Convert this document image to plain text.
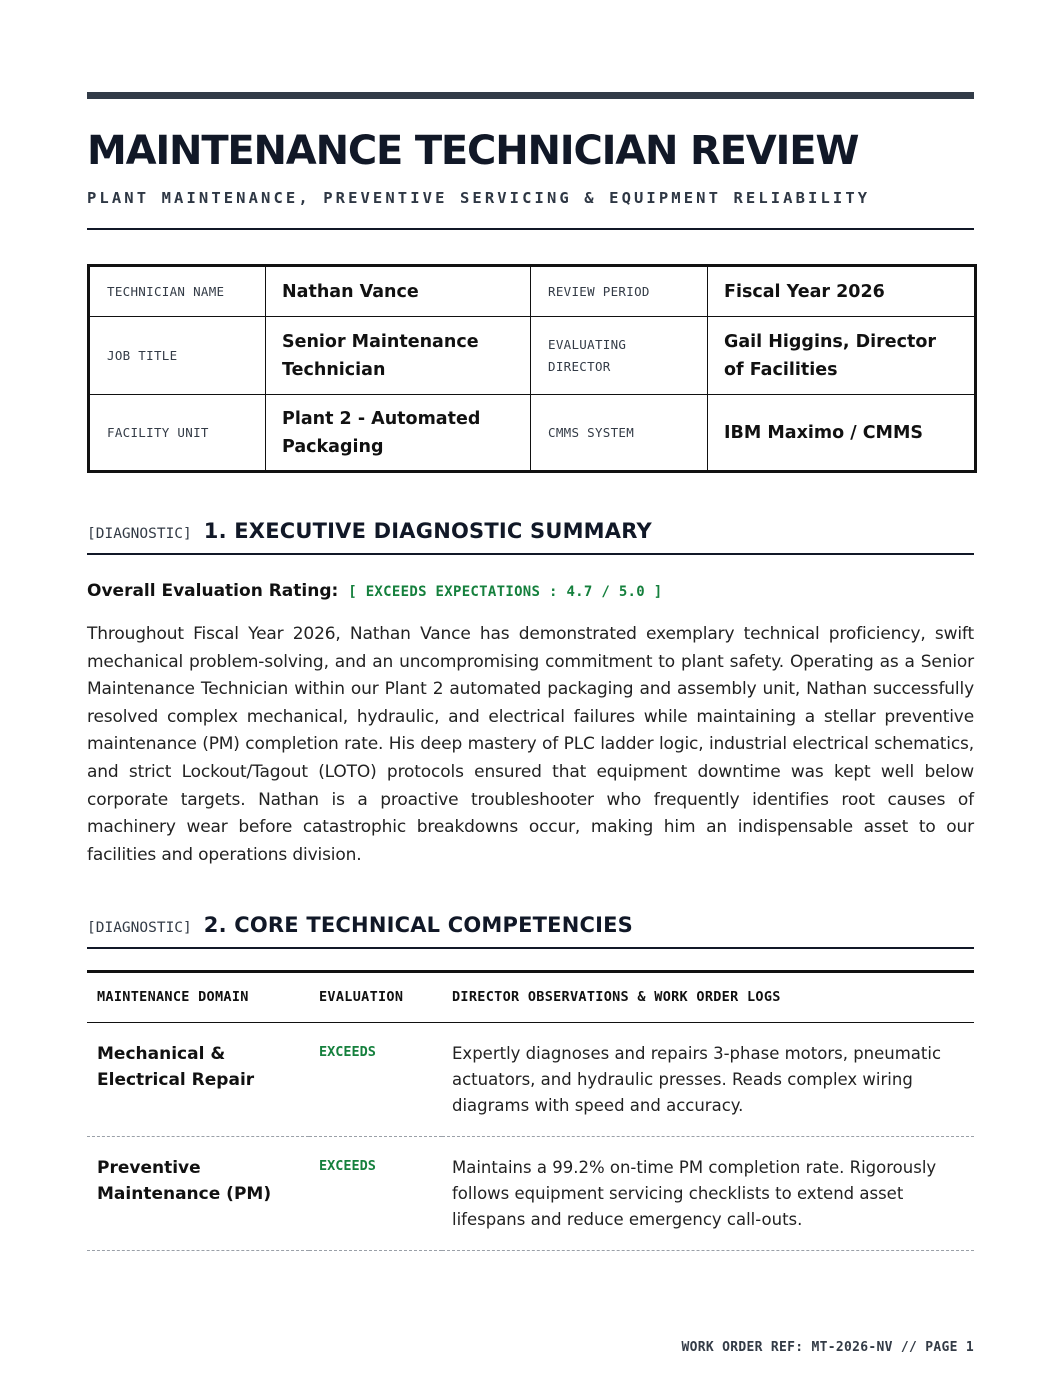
MAINTENANCE TECHNICIAN REVIEW
PLANT MAINTENANCE, PREVENTIVE SERVICING & EQUIPMENT RELIABILITY
TECHNICIAN NAME	Nathan Vance	REVIEW PERIOD	Fiscal Year 2026
JOB TITLE	Senior Maintenance Technician	EVALUATING DIRECTOR	Gail Higgins, Director of Facilities
FACILITY UNIT	Plant 2 - Automated Packaging	CMMS SYSTEM	IBM Maximo / CMMS
[DIAGNOSTIC] 1. EXECUTIVE DIAGNOSTIC SUMMARY
Overall Evaluation Rating: [ EXCEEDS EXPECTATIONS : 4.7 / 5.0 ]

Throughout Fiscal Year 2026, Nathan Vance has demonstrated exemplary technical proficiency, swift mechanical problem-solving, and an uncompromising commitment to plant safety. Operating as a Senior Maintenance Technician within our Plant 2 automated packaging and assembly unit, Nathan successfully resolved complex mechanical, hydraulic, and electrical failures while maintaining a stellar preventive maintenance (PM) completion rate. His deep mastery of PLC ladder logic, industrial electrical schematics, and strict Lockout/Tagout (LOTO) protocols ensured that equipment downtime was kept well below corporate targets. Nathan is a proactive troubleshooter who frequently identifies root causes of machinery wear before catastrophic breakdowns occur, making him an indispensable asset to our facilities and operations division.

[DIAGNOSTIC] 2. CORE TECHNICAL COMPETENCIES
MAINTENANCE DOMAIN	EVALUATION	DIRECTOR OBSERVATIONS & WORK ORDER LOGS
Mechanical & Electrical Repair	EXCEEDS	Expertly diagnoses and repairs 3-phase motors, pneumatic actuators, and hydraulic presses. Reads complex wiring diagrams with speed and accuracy.
Preventive Maintenance (PM)	EXCEEDS	Maintains a 99.2% on-time PM completion rate. Rigorously follows equipment servicing checklists to extend asset lifespans and reduce emergency call-outs.
WORK ORDER REF: MT-2026-NV // PAGE 1
